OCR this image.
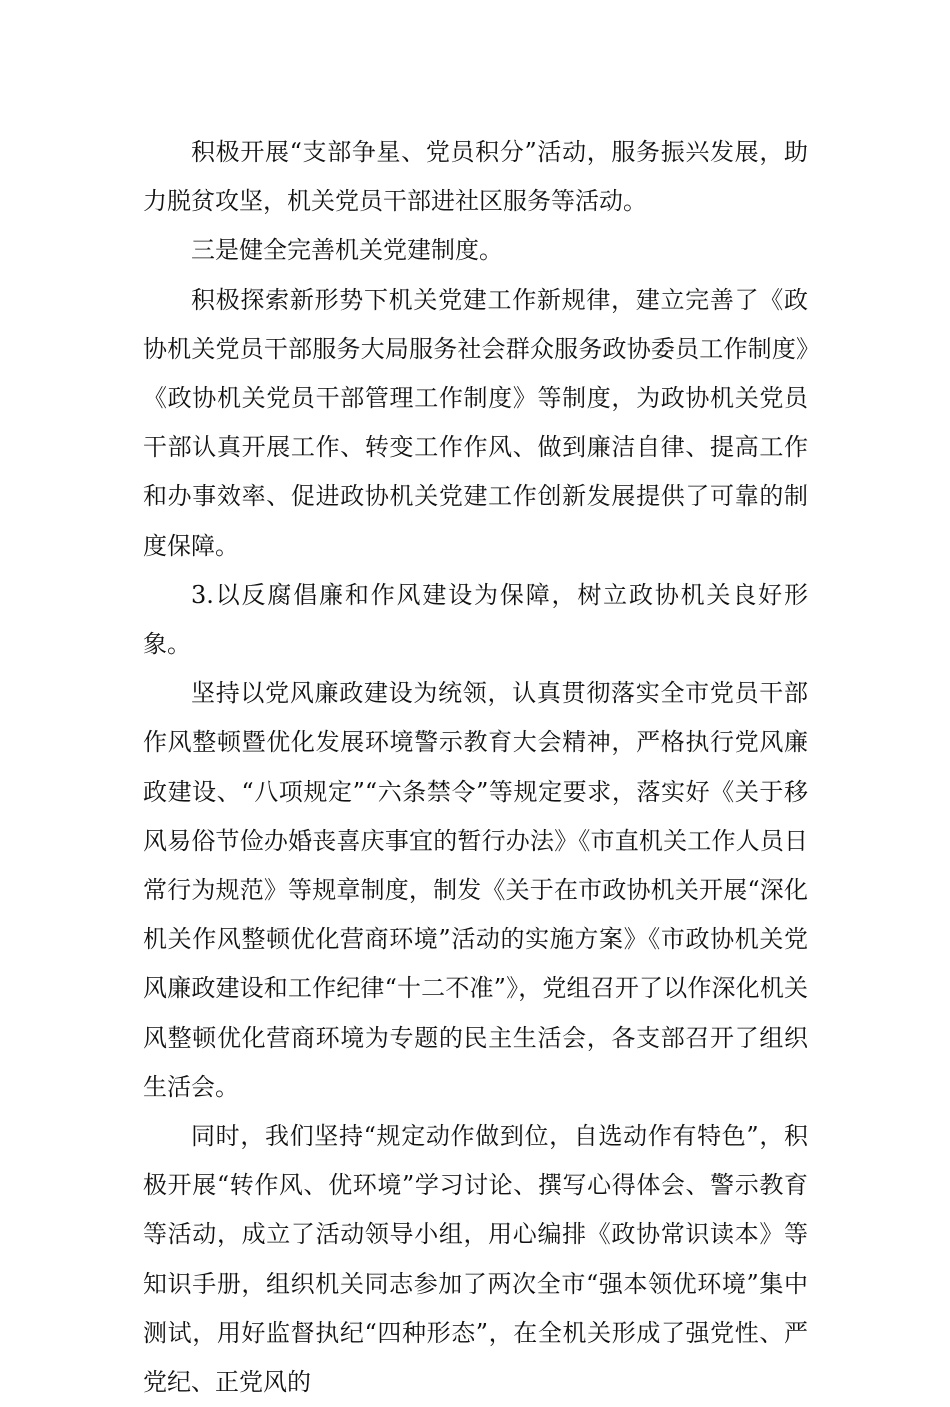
积极开展“支部争星、党员积分”活动，服务振兴发展，助力脱贫攻坚，机关党员干部进社区服务等活动。

三是健全完善机关党建制度。

积极探索新形势下机关党建工作新规律，建立完善了《政协机关党员干部服务大局服务社会群众服务政协委员工作制度》《政协机关党员干部管理工作制度》等制度，为政协机关党员干部认真开展工作、转变工作作风、做到廉洁自律、提高工作和办事效率、促进政协机关党建工作创新发展提供了可靠的制度保障。

3.以反腐倡廉和作风建设为保障，树立政协机关良好形象。

坚持以党风廉政建设为统领，认真贯彻落实全市党员干部作风整顿暨优化发展环境警示教育大会精神，严格执行党风廉政建设、“八项规定”“六条禁令”等规定要求，落实好《关于移风易俗节俭办婚丧喜庆事宜的暂行办法》《市直机关工作人员日常行为规范》等规章制度，制发《关于在市政协机关开展“深化机关作风整顿优化营商环境”活动的实施方案》《市政协机关党风廉政建设和工作纪律“十二不准”》，党组召开了以作深化机关风整顿优化营商环境为专题的民主生活会，各支部召开了组织生活会。

同时，我们坚持“规定动作做到位，自选动作有特色”，积极开展“转作风、优环境”学习讨论、撰写心得体会、警示教育等活动，成立了活动领导小组，用心编排《政协常识读本》等知识手册，组织机关同志参加了两次全市“强本领优环境”集中测试，用好监督执纪“四种形态”，在全机关形成了强党性、严党纪、正党风的
